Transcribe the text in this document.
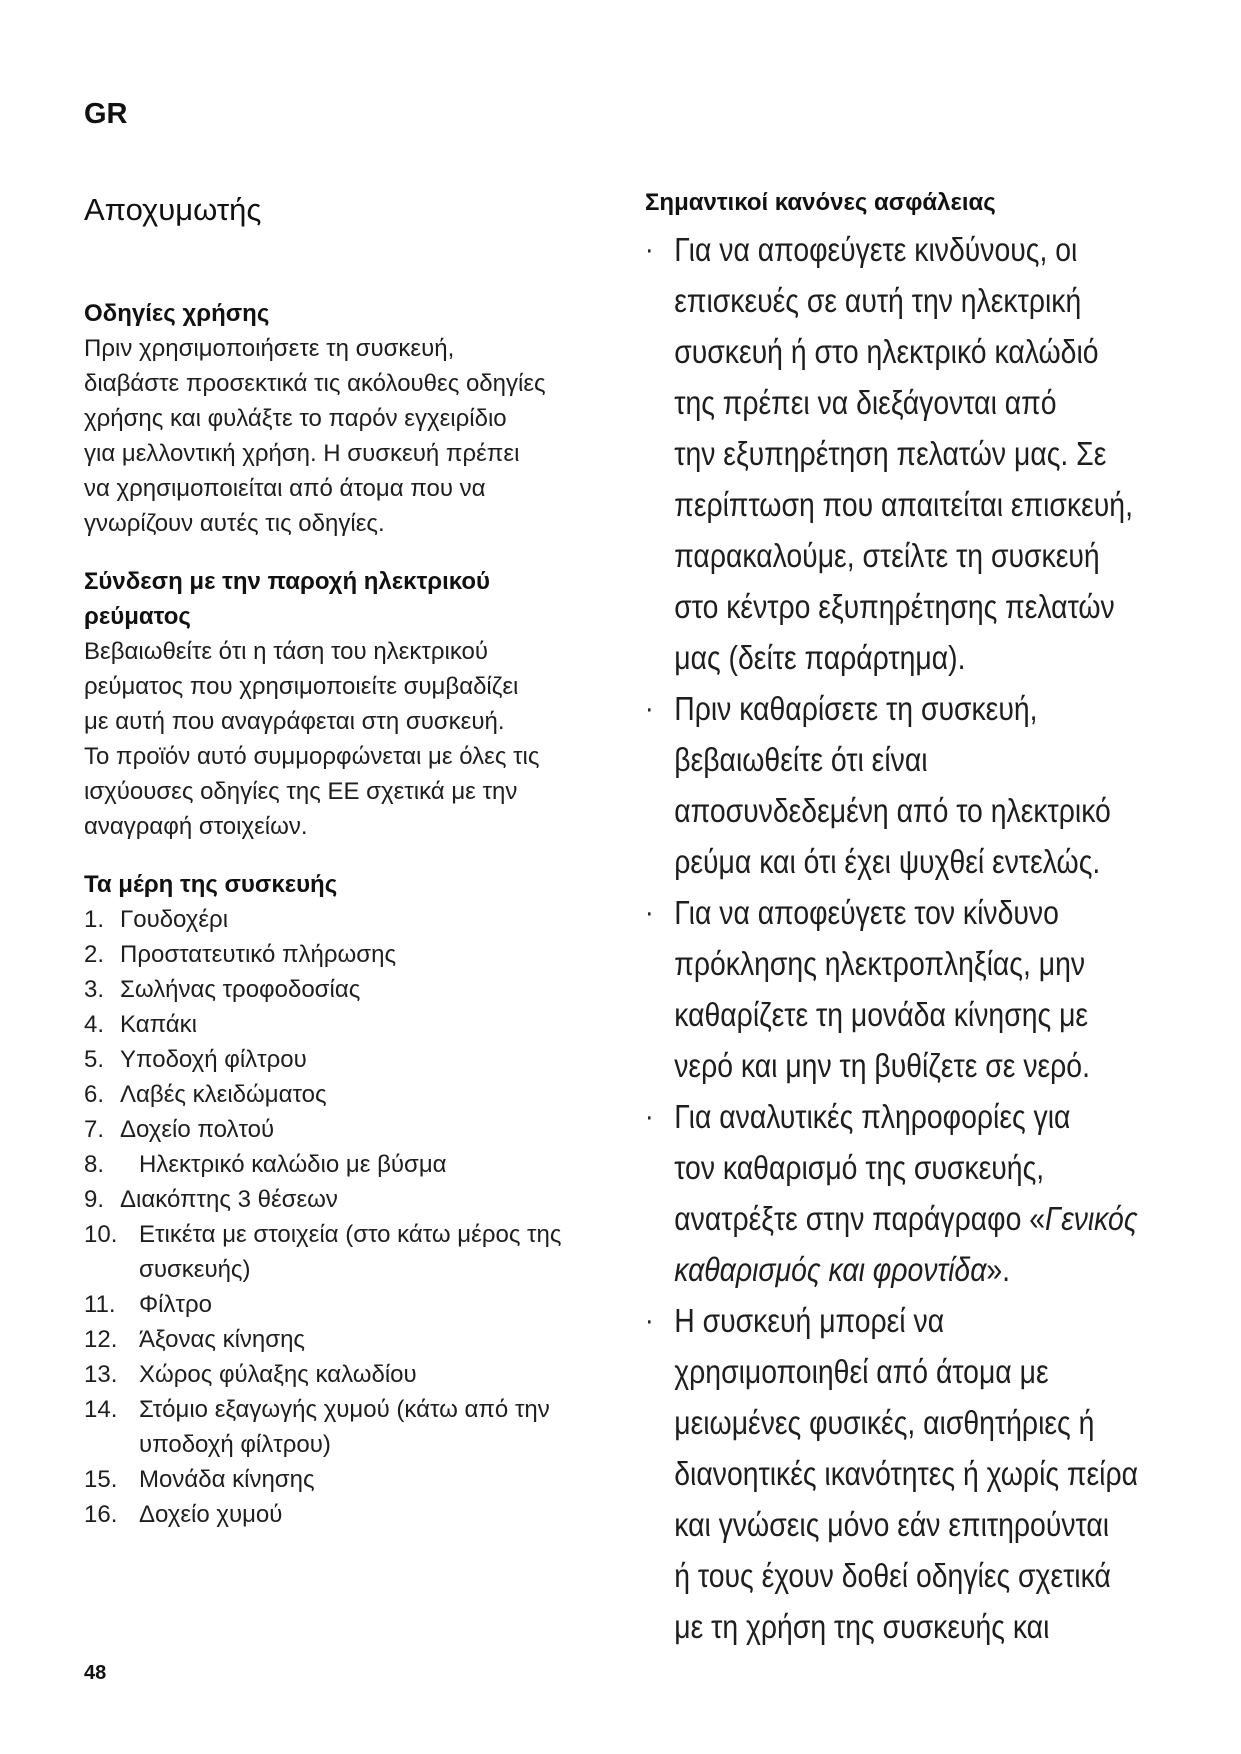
GR
Αποχυμωτής
Οδηγίες χρήσης
Πριν χρησιμοποιήσετε τη συσκευή,
διαβάστε προσεκτικά τις ακόλουθες οδηγίες
χρήσης και φυλάξτε το παρόν εγχειρίδιο
για μελλοντική χρήση. Η συσκευή πρέπει
να χρησιμοποιείται από άτομα που να
γνωρίζουν αυτές τις οδηγίες.
Σύνδεση με την παροχή ηλεκτρικού
ρεύματος
Βεβαιωθείτε ότι η τάση του ηλεκτρικού
ρεύματος που χρησιμοποιείτε συμβαδίζει
με αυτή που αναγράφεται στη συσκευή.
Το προϊόν αυτό συμμορφώνεται με όλες τις
ισχύουσες οδηγίες της ΕΕ σχετικά με την
αναγραφή στοιχείων.
Τα μέρη της συσκευής
1. Γουδοχέρι
2. Προστατευτικό πλήρωσης
3. Σωλήνας τροφοδοσίας
4. Καπάκι
5. Υποδοχή φίλτρου
6. Λαβές κλειδώματος
7. Δοχείο πολτού
8.	Ηλεκτρικό καλώδιο με βύσμα
9. Διακόπτης 3 θέσεων
10. Ετικέτα με στοιχεία (στο κάτω μέρος της
συσκευής)
11. Φίλτρο
12. Άξονας κίνησης
13. Χώρος φύλαξης καλωδίου
14. Στόμιο εξαγωγής χυμού (κάτω από την
υποδοχή φίλτρου)
15. Μονάδα κίνησης
16. Δοχείο χυμού
Σημαντικοί κανόνες ασφάλειας
· Για να αποφεύγετε κινδύνους, οι
επισκευές σε αυτή την ηλεκτρική
συσκευή ή στο ηλεκτρικό καλώδιό
της πρέπει να διεξάγονται από
την εξυπηρέτηση πελατών μας. Σε
περίπτωση που απαιτείται επισκευή,
παρακαλούμε, στείλτε τη συσκευή
στο κέντρο εξυπηρέτησης πελατών
μας (δείτε παράρτημα).
· Πριν καθαρίσετε τη συσκευή,
βεβαιωθείτε ότι είναι
αποσυνδεδεμένη από το ηλεκτρικό
ρεύμα και ότι έχει ψυχθεί εντελώς.
· Για να αποφεύγετε τον κίνδυνο
πρόκλησης ηλεκτροπληξίας, μην
καθαρίζετε τη μονάδα κίνησης με
νερό και μην τη βυθίζετε σε νερό.
· Για αναλυτικές πληροφορίες για
τον καθαρισμό της συσκευής,
ανατρέξτε στην παράγραφο «Γενικός
καθαρισμός και φροντίδα».
· Η συσκευή μπορεί να
χρησιμοποιηθεί από άτομα με
μειωμένες φυσικές, αισθητήριες ή
διανοητικές ικανότητες ή χωρίς πείρα
και γνώσεις μόνο εάν επιτηρούνται
ή τους έχουν δοθεί οδηγίες σχετικά
με τη χρήση της συσκευής και
48
